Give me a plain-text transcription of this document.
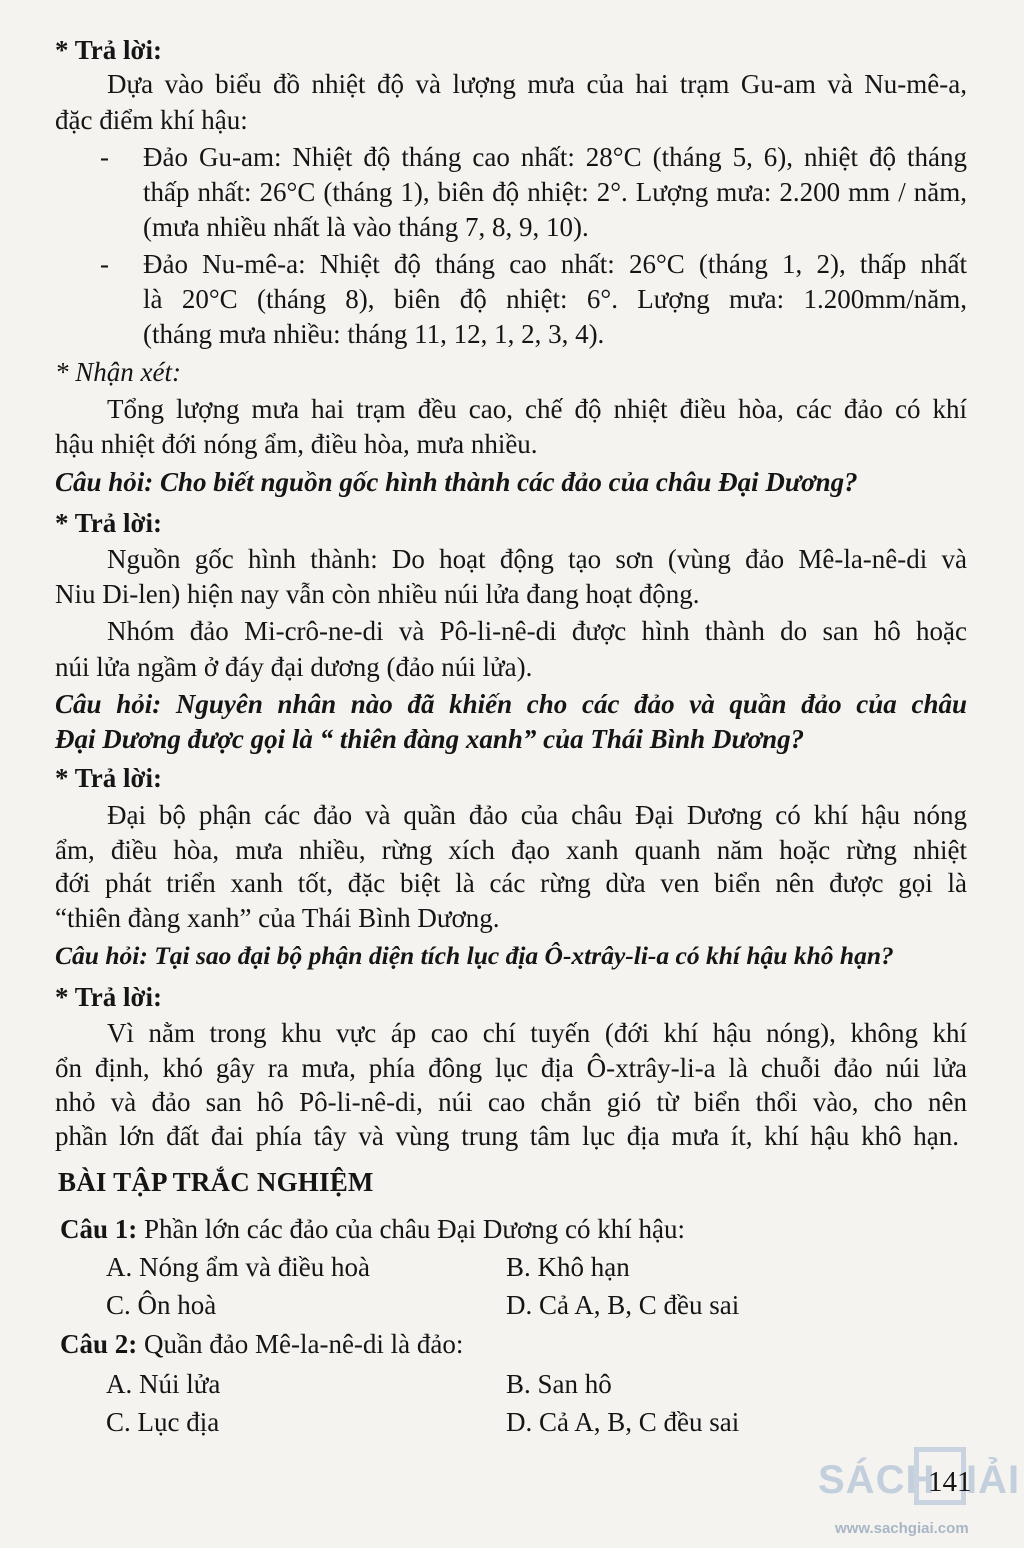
* Trả lời:
Dựa vào biểu đồ nhiệt độ và lượng mưa của hai trạm Gu-am và Nu-mê-a,
đặc điểm khí hậu:
- Đảo Gu-am: Nhiệt độ tháng cao nhất: 28°C (tháng 5, 6), nhiệt độ tháng
thấp nhất: 26°C (tháng 1), biên độ nhiệt: 2°. Lượng mưa: 2.200 mm / năm,
(mưa nhiều nhất là vào tháng 7, 8, 9, 10).
- Đảo Nu-mê-a: Nhiệt độ tháng cao nhất: 26°C (tháng 1, 2), thấp nhất
là 20°C (tháng 8), biên độ nhiệt: 6°. Lượng mưa: 1.200mm/năm,
(tháng mưa nhiều: tháng 11, 12, 1, 2, 3, 4).
* Nhận xét:
Tổng lượng mưa hai trạm đều cao, chế độ nhiệt điều hòa, các đảo có khí
hậu nhiệt đới nóng ẩm, điều hòa, mưa nhiều.
Câu hỏi: Cho biết nguồn gốc hình thành các đảo của châu Đại Dương?
* Trả lời:
Nguồn gốc hình thành: Do hoạt động tạo sơn (vùng đảo Mê-la-nê-di và
Niu Di-len) hiện nay vẫn còn nhiều núi lửa đang hoạt động.
Nhóm đảo Mi-crô-ne-di và Pô-li-nê-di được hình thành do san hô hoặc
núi lửa ngầm ở đáy đại dương (đảo núi lửa).
Câu hỏi: Nguyên nhân nào đã khiến cho các đảo và quần đảo của châu
Đại Dương được gọi là “ thiên đàng xanh” của Thái Bình Dương?
* Trả lời:
Đại bộ phận các đảo và quần đảo của châu Đại Dương có khí hậu nóng
ẩm, điều hòa, mưa nhiều, rừng xích đạo xanh quanh năm hoặc rừng nhiệt
đới phát triển xanh tốt, đặc biệt là các rừng dừa ven biển nên được gọi là
“thiên đàng xanh” của Thái Bình Dương.
Câu hỏi: Tại sao đại bộ phận diện tích lục địa Ô-xtrây-li-a có khí hậu khô hạn?
* Trả lời:
Vì nằm trong khu vực áp cao chí tuyến (đới khí hậu nóng), không khí
ổn định, khó gây ra mưa, phía đông lục địa Ô-xtrây-li-a là chuỗi đảo núi lửa
nhỏ và đảo san hô Pô-li-nê-di, núi cao chắn gió từ biển thổi vào, cho nên
phần lớn đất đai phía tây và vùng trung tâm lục địa mưa ít, khí hậu khô hạn.
BÀI TẬP TRẮC NGHIỆM
Câu 1: Phần lớn các đảo của châu Đại Dương có khí hậu:
A. Nóng ẩm và điều hoà	B. Khô hạn
C. Ôn hoà	D. Cả A, B, C đều sai
Câu 2: Quần đảo Mê-la-nê-di là đảo:
A. Núi lửa	B. San hô
C. Lục địa	D. Cả A, B, C đều sai
SÁCH IẢI
www.sachgiai.com
141
